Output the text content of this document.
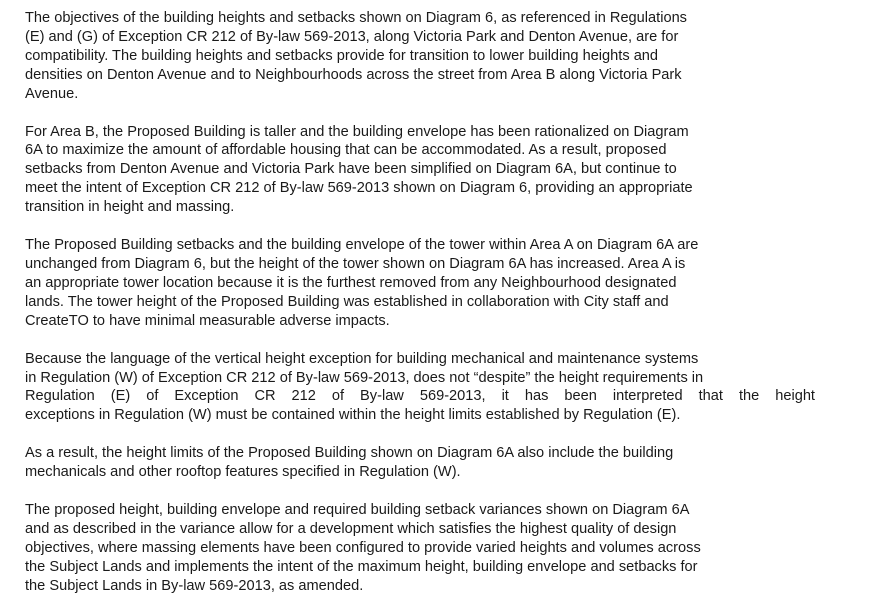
The objectives of the building heights and setbacks shown on Diagram 6, as referenced in Regulations
(E) and (G) of Exception CR 212 of By-law 569-2013, along Victoria Park and Denton Avenue, are for
compatibility. The building heights and setbacks provide for transition to lower building heights and
densities on Denton Avenue and to Neighbourhoods across the street from Area B along Victoria Park
Avenue.
For Area B, the Proposed Building is taller and the building envelope has been rationalized on Diagram
6A to maximize the amount of affordable housing that can be accommodated. As a result, proposed
setbacks from Denton Avenue and Victoria Park have been simplified on Diagram 6A, but continue to
meet the intent of Exception CR 212 of By-law 569-2013 shown on Diagram 6, providing an appropriate
transition in height and massing.
The Proposed Building setbacks and the building envelope of the tower within Area A on Diagram 6A are
unchanged from Diagram 6, but the height of the tower shown on Diagram 6A has increased. Area A is
an appropriate tower location because it is the furthest removed from any Neighbourhood designated
lands. The tower height of the Proposed Building was established in collaboration with City staff and
CreateTO to have minimal measurable adverse impacts.
Because the language of the vertical height exception for building mechanical and maintenance systems
in Regulation (W) of Exception CR 212 of By-law 569-2013, does not “despite” the height requirements in
Regulation (E) of Exception CR 212 of By-law 569-2013, it has been interpreted that the height
exceptions in Regulation (W) must be contained within the height limits established by Regulation (E).
As a result, the height limits of the Proposed Building shown on Diagram 6A also include the building
mechanicals and other rooftop features specified in Regulation (W).
The proposed height, building envelope and required building setback variances shown on Diagram 6A
and as described in the variance allow for a development which satisfies the highest quality of design
objectives, where massing elements have been configured to provide varied heights and volumes across
the Subject Lands and implements the intent of the maximum height, building envelope and setbacks for
the Subject Lands in By-law 569-2013, as amended.
